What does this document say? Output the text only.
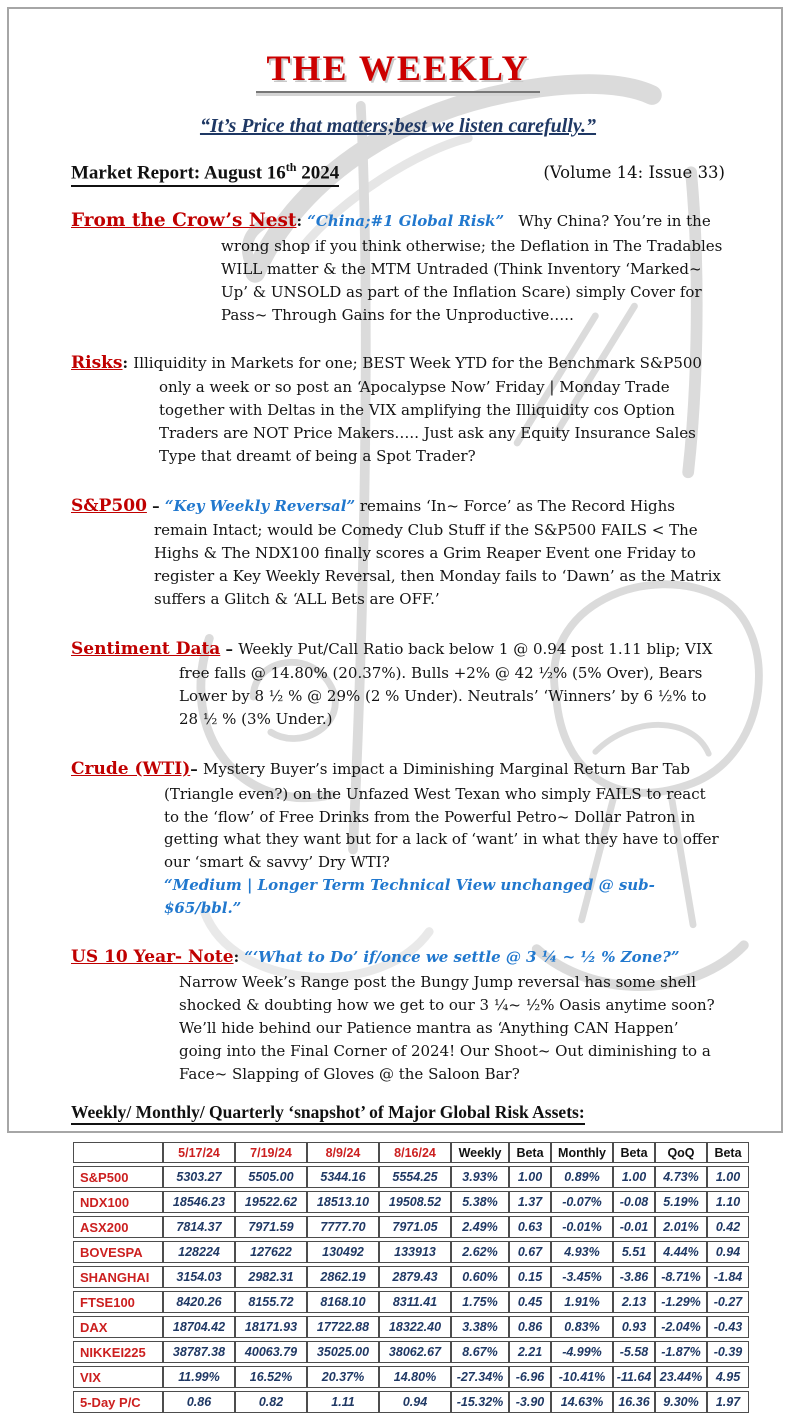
THE WEEKLY
“It’s Price that matters;best we listen carefully.”
Market Report: August 16th 2024	(Volume 14: Issue 33)

From the Crow’s Nest: “China;#1 Global Risk”   Why China? You’re in the wrong shop if you think otherwise; the Deflation in The Tradables WILL matter & the MTM Untraded (Think Inventory ‘Marked~ Up’ & UNSOLD as part of the Inflation Scare) simply Cover for Pass~ Through Gains for the Unproductive…..

Risks: Illiquidity in Markets for one; BEST Week YTD for the Benchmark S&P500 only a week or so post an ‘Apocalypse Now’ Friday | Monday Trade together with Deltas in the VIX amplifying the Illiquidity cos Option Traders are NOT Price Makers….. Just ask any Equity Insurance Sales Type that dreamt of being a Spot Trader?

S&P500 – “Key Weekly Reversal” remains ‘In~ Force’ as The Record Highs remain Intact; would be Comedy Club Stuff if the S&P500 FAILS < The Highs & The NDX100 finally scores a Grim Reaper Event one Friday to register a Key Weekly Reversal, then Monday fails to ‘Dawn’ as the Matrix suffers a Glitch & ‘ALL Bets are OFF.’

Sentiment Data – Weekly Put/Call Ratio back below 1 @ 0.94 post 1.11 blip; VIX free falls @ 14.80% (20.37%). Bulls +2% @ 42 ½% (5% Over), Bears Lower by 8 ½ % @ 29% (2 % Under). Neutrals’ ‘Winners’ by 6 ½% to 28 ½ % (3% Under.)

Crude (WTI)– Mystery Buyer’s impact a Diminishing Marginal Return Bar Tab (Triangle even?) on the Unfazed West Texan who simply FAILS to react to the ‘flow’ of Free Drinks from the Powerful Petro~ Dollar Patron in getting what they want but for a lack of ‘want’ in what they have to offer our ‘smart & savvy’ Dry WTI?
“Medium | Longer Term Technical View unchanged @ sub- $65/bbl.”

US 10 Year- Note: “‘What to Do’ if/once we settle @ 3 ¼ ~ ½ % Zone?” Narrow Week’s Range post the Bungy Jump reversal has some shell shocked & doubting how we get to our 3 ¼~ ½% Oasis anytime soon? We’ll hide behind our Patience mantra as ‘Anything CAN Happen’ going into the Final Corner of 2024! Our Shoot~ Out diminishing to a Face~ Slapping of Gloves @ the Saloon Bar?

Weekly/ Monthly/ Quarterly ‘snapshot’ of Major Global Risk Assets:
	5/17/24	7/19/24	8/9/24	8/16/24	Weekly	Beta	Monthly	Beta	QoQ	Beta
S&P500	5303.27	5505.00	5344.16	5554.25	3.93%	1.00	0.89%	1.00	4.73%	1.00
NDX100	18546.23	19522.62	18513.10	19508.52	5.38%	1.37	-0.07%	-0.08	5.19%	1.10
ASX200	7814.37	7971.59	7777.70	7971.05	2.49%	0.63	-0.01%	-0.01	2.01%	0.42
BOVESPA	128224	127622	130492	133913	2.62%	0.67	4.93%	5.51	4.44%	0.94
SHANGHAI	3154.03	2982.31	2862.19	2879.43	0.60%	0.15	-3.45%	-3.86	-8.71%	-1.84
FTSE100	8420.26	8155.72	8168.10	8311.41	1.75%	0.45	1.91%	2.13	-1.29%	-0.27
DAX	18704.42	18171.93	17722.88	18322.40	3.38%	0.86	0.83%	0.93	-2.04%	-0.43
NIKKEI225	38787.38	40063.79	35025.00	38062.67	8.67%	2.21	-4.99%	-5.58	-1.87%	-0.39
VIX	11.99%	16.52%	20.37%	14.80%	-27.34%	-6.96	-10.41%	-11.64	23.44%	4.95
5-Day P/C	0.86	0.82	1.11	0.94	-15.32%	-3.90	14.63%	16.36	9.30%	1.97
